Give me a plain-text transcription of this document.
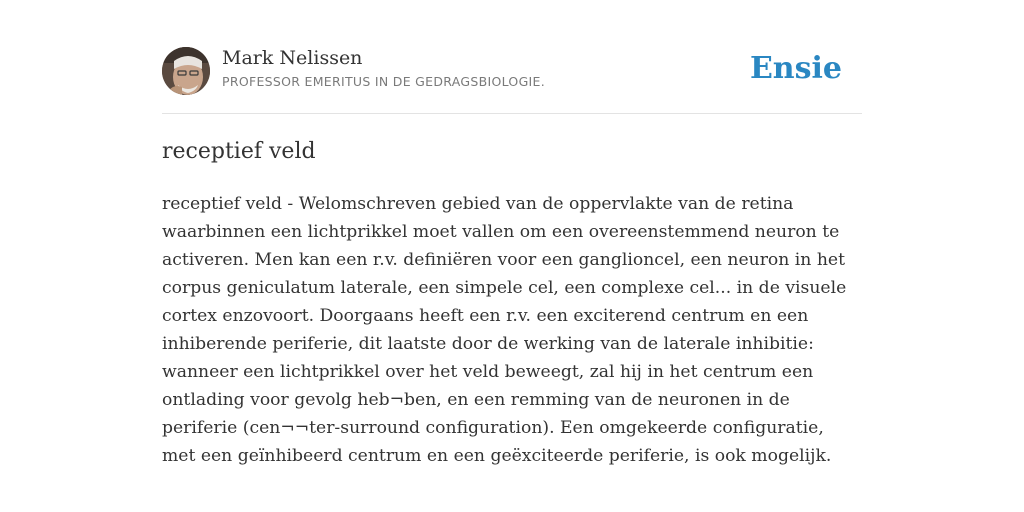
Mark Nelissen
PROFESSOR EMERITUS IN DE GEDRAGSBIOLOGIE.	Ensie
receptief veld

receptief veld - Welomschreven gebied van de oppervlakte van de retina waarbinnen een lichtprikkel moet vallen om een overeenstemmend neuron te activeren. Men kan een r.v. definiëren voor een ganglioncel, een neuron in het corpus geniculatum laterale, een simpele cel, een complexe cel... in de visuele cortex enzovoort. Doorgaans heeft een r.v. een exciterend centrum en een inhiberende periferie, dit laatste door de werking van de laterale inhibitie: wanneer een lichtprikkel over het veld beweegt, zal hij in het centrum een ontlading voor gevolg heb¬ben, en een remming van de neuronen in de periferie (cen¬¬ter-surround configuration). Een omgekeerde configuratie, met een geïnhibeerd centrum en een geëxciteerde periferie, is ook mogelijk.
